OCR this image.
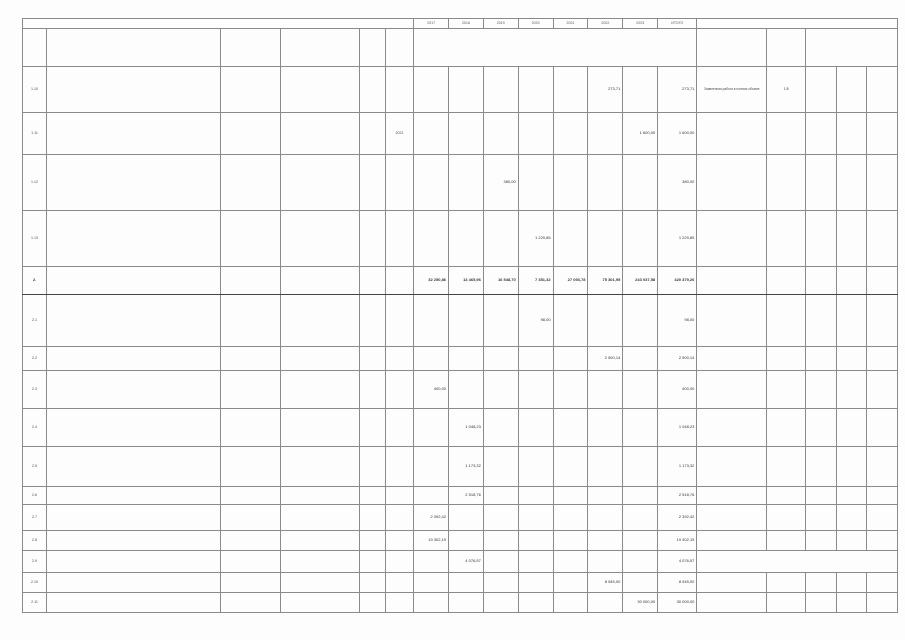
						2017	2018	2019	2020	2021	2022	2023	ИТОГО					

1.10											273,71		273,71	Заявленная работа в полном объеме	1/5			
1.11					2021							1 600,00	1 600,00					
1.12								380,00					380,00					
1.13									1 229,85				1 229,85					
2.						32 250,86	13 465,96	16 548,70	7 351,32	27 093,78	75 301,95	243 037,58	420 379,26					
2.1									98,00				98,00					
2.2											2 500,14		2 500,14					
2.3						400,00							400,00					
2.4							1 048,23						1 048,23					
2.5							1 173,32						1 173,32					
2.6							2 518,76						2 518,76					
2.7						2 392,42							2 392,42					
2.8						19 302,19							19 302,19					
2.9							4 076,57						4 076,57					
2.10											8 945,00		8 945,00					
2.11												30 000,00	30 000,00					
